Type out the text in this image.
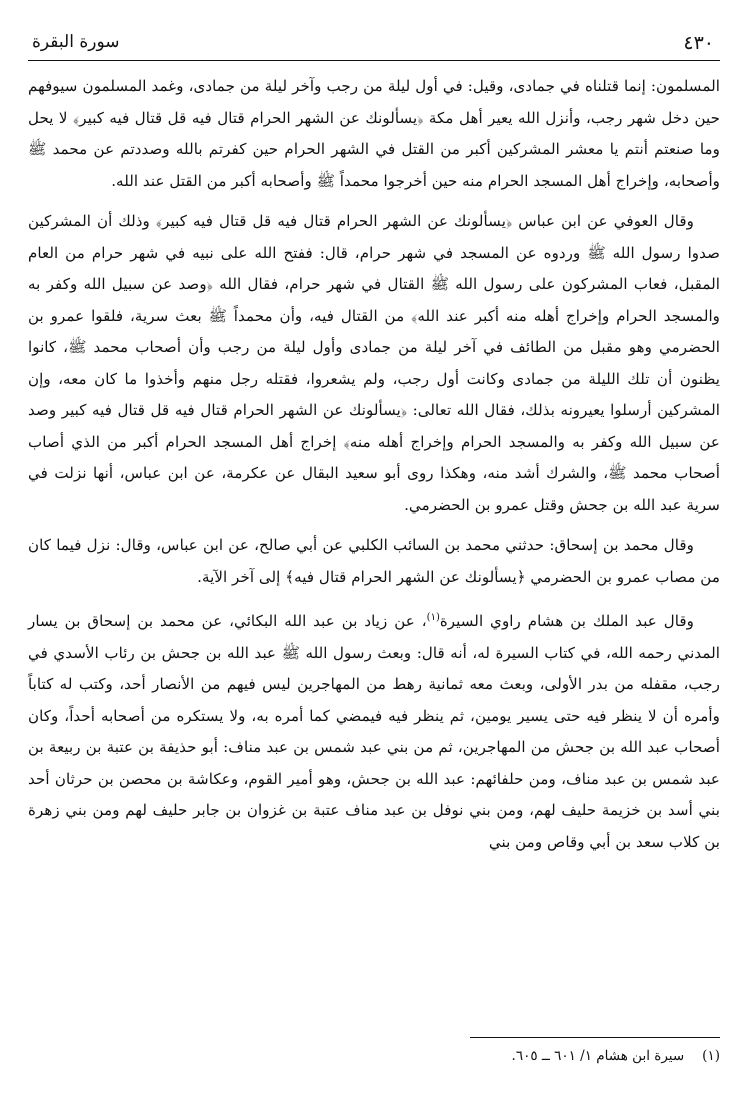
٤٣٠
سورة البقرة

المسلمون: إنما قتلناه في جمادى، وقيل: في أول ليلة من رجب وآخر ليلة من جمادى، وغمد المسلمون سيوفهم حين دخل شهر رجب، وأنزل الله يعير أهل مكة ﴿يسألونك عن الشهر الحرام قتال فيه قل قتال فيه كبير﴾ لا يحل وما صنعتم أنتم يا معشر المشركين أكبر من القتل في الشهر الحرام حين كفرتم بالله وصددتم عن محمد ﷺ وأصحابه، وإخراج أهل المسجد الحرام منه حين أخرجوا محمداً ﷺ وأصحابه أكبر من القتل عند الله.

وقال العوفي عن ابن عباس ﴿يسألونك عن الشهر الحرام قتال فيه قل قتال فيه كبير﴾ وذلك أن المشركين صدوا رسول الله ﷺ وردوه عن المسجد في شهر حرام، قال: ففتح الله على نبيه في شهر حرام من العام المقبل، فعاب المشركون على رسول الله ﷺ القتال في شهر حرام، فقال الله ﴿وصد عن سبيل الله وكفر به والمسجد الحرام وإخراج أهله منه أكبر عند الله﴾ من القتال فيه، وأن محمداً ﷺ بعث سرية، فلقوا عمرو بن الحضرمي وهو مقبل من الطائف في آخر ليلة من جمادى وأول ليلة من رجب وأن أصحاب محمد ﷺ، كانوا يظنون أن تلك الليلة من جمادى وكانت أول رجب، ولم يشعروا، فقتله رجل منهم وأخذوا ما كان معه، وإن المشركين أرسلوا يعيرونه بذلك، فقال الله تعالى: ﴿يسألونك عن الشهر الحرام قتال فيه قل قتال فيه كبير وصد عن سبيل الله وكفر به والمسجد الحرام وإخراج أهله منه﴾ إخراج أهل المسجد الحرام أكبر من الذي أصاب أصحاب محمد ﷺ، والشرك أشد منه، وهكذا روى أبو سعيد البقال عن عكرمة، عن ابن عباس، أنها نزلت في سرية عبد الله بن جحش وقتل عمرو بن الحضرمي.

وقال محمد بن إسحاق: حدثني محمد بن السائب الكلبي عن أبي صالح، عن ابن عباس، وقال: نزل فيما كان من مصاب عمرو بن الحضرمي ﴿يسألونك عن الشهر الحرام قتال فيه﴾ إلى آخر الآية.

وقال عبد الملك بن هشام راوي السيرة$^{(١)}$، عن زياد بن عبد الله البكائي، عن محمد بن إسحاق بن يسار المدني رحمه الله، في كتاب السيرة له، أنه قال: وبعث رسول الله ﷺ عبد الله بن جحش بن رئاب الأسدي في رجب، مقفله من بدر الأولى، وبعث معه ثمانية رهط من المهاجرين ليس فيهم من الأنصار أحد، وكتب له كتاباً وأمره أن لا ينظر فيه حتى يسير يومين، ثم ينظر فيه فيمضي كما أمره به، ولا يستكره من أصحابه أحداً، وكان أصحاب عبد الله بن جحش من المهاجرين، ثم من بني عبد شمس بن عبد مناف: أبو حذيفة بن عتبة بن ربيعة بن عبد شمس بن عبد مناف، ومن حلفائهم: عبد الله بن جحش، وهو أمير القوم، وعكاشة بن محصن بن حرثان أحد بني أسد بن خزيمة حليف لهم، ومن بني نوفل بن عبد مناف عتبة بن غزوان بن جابر حليف لهم ومن بني زهرة بن كلاب سعد بن أبي وقاص ومن بني

(١)سيرة ابن هشام ١/ ٦٠١ ــ ٦٠٥.
